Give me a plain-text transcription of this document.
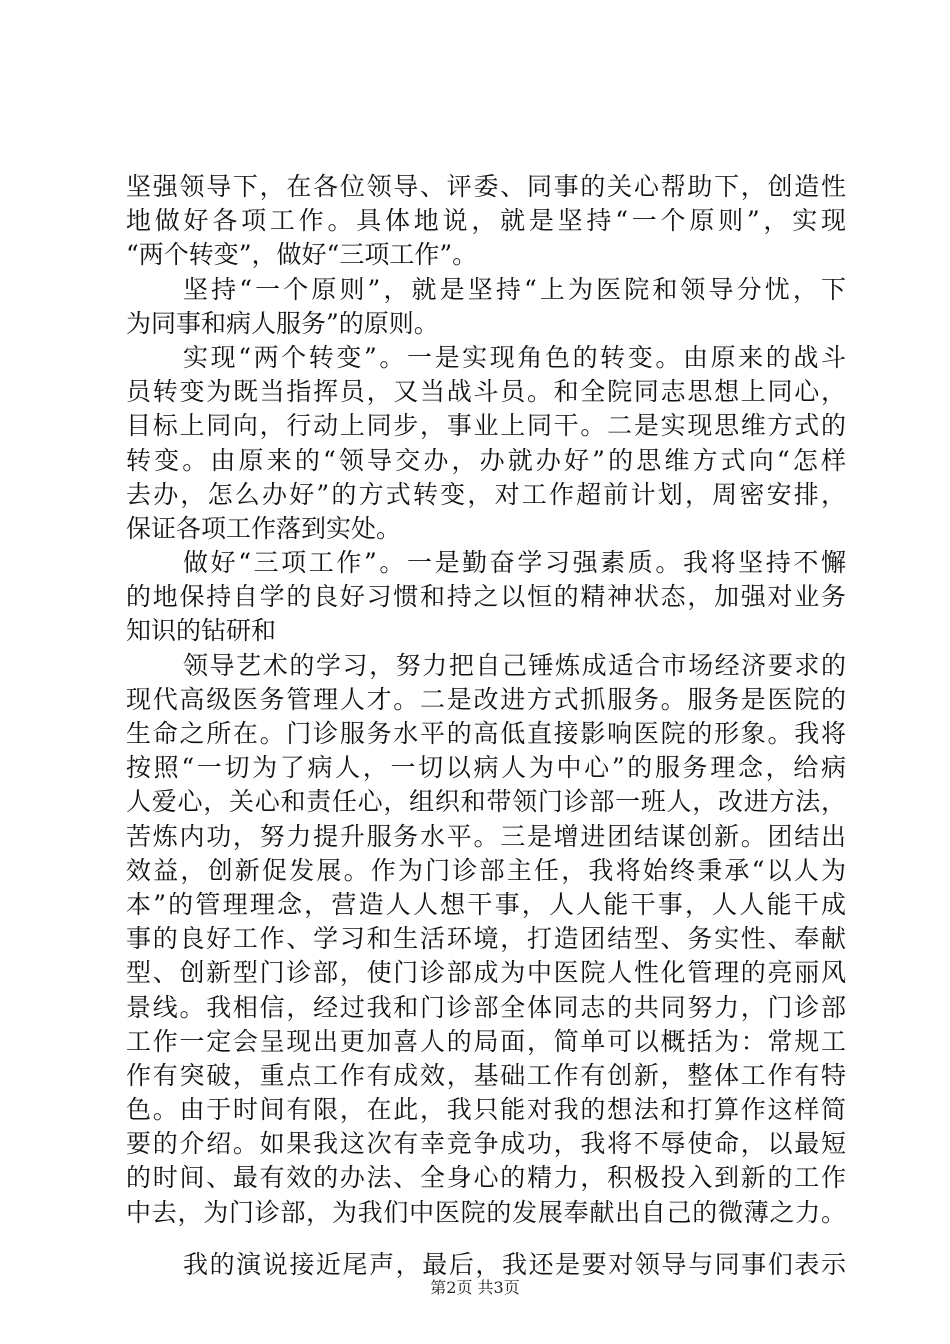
坚强领导下，在各位领导、评委、同事的关心帮助下，创造性
地做好各项工作。具体地说，就是坚持“一个原则”，实现
“两个转变”，做好“三项工作”。
坚持“一个原则”，就是坚持“上为医院和领导分忧，下
为同事和病人服务”的原则。
实现“两个转变”。一是实现角色的转变。由原来的战斗
员转变为既当指挥员，又当战斗员。和全院同志思想上同心，
目标上同向，行动上同步，事业上同干。二是实现思维方式的
转变。由原来的“领导交办，办就办好”的思维方式向“怎样
去办，怎么办好”的方式转变，对工作超前计划，周密安排，
保证各项工作落到实处。
做好“三项工作”。一是勤奋学习强素质。我将坚持不懈
的地保持自学的良好习惯和持之以恒的精神状态，加强对业务
知识的钻研和
领导艺术的学习，努力把自己锤炼成适合市场经济要求的
现代高级医务管理人才。二是改进方式抓服务。服务是医院的
生命之所在。门诊服务水平的高低直接影响医院的形象。我将
按照“一切为了病人，一切以病人为中心”的服务理念，给病
人爱心，关心和责任心，组织和带领门诊部一班人，改进方法，
苦炼内功，努力提升服务水平。三是增进团结谋创新。团结出
效益，创新促发展。作为门诊部主任，我将始终秉承“以人为
本”的管理理念，营造人人想干事，人人能干事，人人能干成
事的良好工作、学习和生活环境，打造团结型、务实性、奉献
型、创新型门诊部，使门诊部成为中医院人性化管理的亮丽风
景线。我相信，经过我和门诊部全体同志的共同努力，门诊部
工作一定会呈现出更加喜人的局面，简单可以概括为：常规工
作有突破，重点工作有成效，基础工作有创新，整体工作有特
色。由于时间有限，在此，我只能对我的想法和打算作这样简
要的介绍。如果我这次有幸竞争成功，我将不辱使命，以最短
的时间、最有效的办法、全身心的精力，积极投入到新的工作
中去，为门诊部，为我们中医院的发展奉献出自己的微薄之力。
我的演说接近尾声，最后，我还是要对领导与同事们表示
第2页 共3页
